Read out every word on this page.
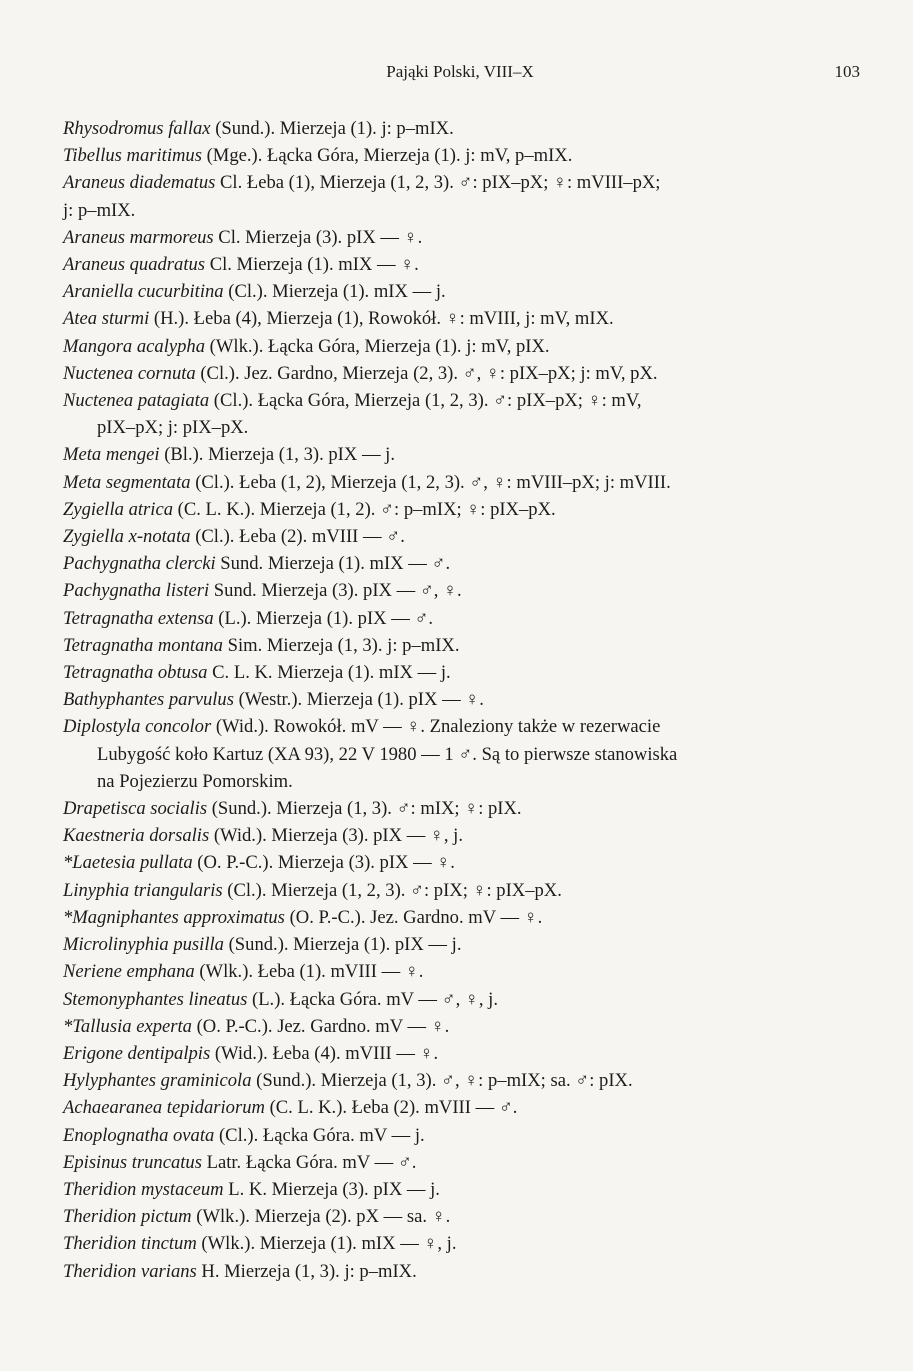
Pająki Polski, VIII–X	103
Rhysodromus fallax (Sund.). Mierzeja (1). j: p–mIX.
Tibellus maritimus (Mge.). Łącka Góra, Mierzeja (1). j: mV, p–mIX.
Araneus diadematus Cl. Łeba (1), Mierzeja (1, 2, 3). ♂: pIX–pX; ♀: mVIII–pX;
j: p–mIX.
Araneus marmoreus Cl. Mierzeja (3). pIX — ♀.
Araneus quadratus Cl. Mierzeja (1). mIX — ♀.
Araniella cucurbitina (Cl.). Mierzeja (1). mIX — j.
Atea sturmi (H.). Łeba (4), Mierzeja (1), Rowokół. ♀: mVIII, j: mV, mIX.
Mangora acalypha (Wlk.). Łącka Góra, Mierzeja (1). j: mV, pIX.
Nuctenea cornuta (Cl.). Jez. Gardno, Mierzeja (2, 3). ♂, ♀: pIX–pX; j: mV, pX.
Nuctenea patagiata (Cl.). Łącka Góra, Mierzeja (1, 2, 3). ♂: pIX–pX; ♀: mV,
pIX–pX; j: pIX–pX.
Meta mengei (Bl.). Mierzeja (1, 3). pIX — j.
Meta segmentata (Cl.). Łeba (1, 2), Mierzeja (1, 2, 3). ♂, ♀: mVIII–pX; j: mVIII.
Zygiella atrica (C. L. K.). Mierzeja (1, 2). ♂: p–mIX; ♀: pIX–pX.
Zygiella x-notata (Cl.). Łeba (2). mVIII — ♂.
Pachygnatha clercki Sund. Mierzeja (1). mIX — ♂.
Pachygnatha listeri Sund. Mierzeja (3). pIX — ♂, ♀.
Tetragnatha extensa (L.). Mierzeja (1). pIX — ♂.
Tetragnatha montana Sim. Mierzeja (1, 3). j: p–mIX.
Tetragnatha obtusa C. L. K. Mierzeja (1). mIX — j.
Bathyphantes parvulus (Westr.). Mierzeja (1). pIX — ♀.
Diplostyla concolor (Wid.). Rowokół. mV — ♀. Znaleziony także w rezerwacie
Lubygość koło Kartuz (XA 93), 22 V 1980 — 1 ♂. Są to pierwsze stanowiska
na Pojezierzu Pomorskim.
Drapetisca socialis (Sund.). Mierzeja (1, 3). ♂: mIX; ♀: pIX.
Kaestneria dorsalis (Wid.). Mierzeja (3). pIX — ♀, j.
*Laetesia pullata (O. P.-C.). Mierzeja (3). pIX — ♀.
Linyphia triangularis (Cl.). Mierzeja (1, 2, 3). ♂: pIX; ♀: pIX–pX.
*Magniphantes approximatus (O. P.-C.). Jez. Gardno. mV — ♀.
Microlinyphia pusilla (Sund.). Mierzeja (1). pIX — j.
Neriene emphana (Wlk.). Łeba (1). mVIII — ♀.
Stemonyphantes lineatus (L.). Łącka Góra. mV — ♂, ♀, j.
*Tallusia experta (O. P.-C.). Jez. Gardno. mV — ♀.
Erigone dentipalpis (Wid.). Łeba (4). mVIII — ♀.
Hylyphantes graminicola (Sund.). Mierzeja (1, 3). ♂, ♀: p–mIX; sa. ♂: pIX.
Achaearanea tepidariorum (C. L. K.). Łeba (2). mVIII — ♂.
Enoplognatha ovata (Cl.). Łącka Góra. mV — j.
Episinus truncatus Latr. Łącka Góra. mV — ♂.
Theridion mystaceum L. K. Mierzeja (3). pIX — j.
Theridion pictum (Wlk.). Mierzeja (2). pX — sa. ♀.
Theridion tinctum (Wlk.). Mierzeja (1). mIX — ♀, j.
Theridion varians H. Mierzeja (1, 3). j: p–mIX.
